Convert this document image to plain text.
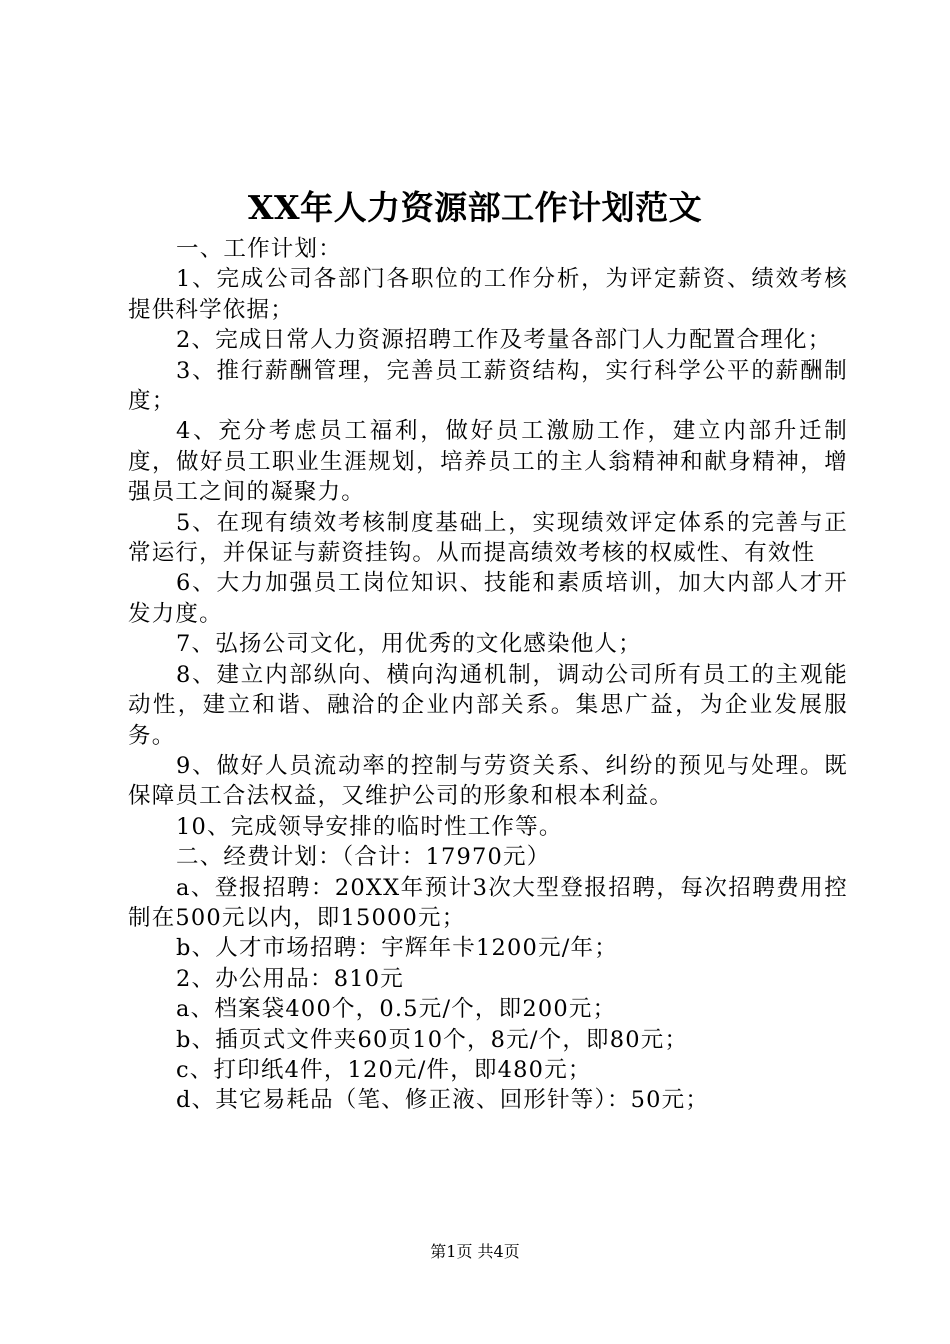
XX年人力资源部工作计划范文

一、工作计划：

1、完成公司各部门各职位的工作分析，为评定薪资、绩效考核提供科学依据；

2、完成日常人力资源招聘工作及考量各部门人力配置合理化；

3、推行薪酬管理，完善员工薪资结构，实行科学公平的薪酬制度；

4、充分考虑员工福利，做好员工激励工作，建立内部升迁制度，做好员工职业生涯规划，培养员工的主人翁精神和献身精神，增强员工之间的凝聚力。

5、在现有绩效考核制度基础上，实现绩效评定体系的完善与正常运行，并保证与薪资挂钩。从而提高绩效考核的权威性、有效性

6、大力加强员工岗位知识、技能和素质培训，加大内部人才开发力度。

7、弘扬公司文化，用优秀的文化感染他人；

8、建立内部纵向、横向沟通机制，调动公司所有员工的主观能动性，建立和谐、融洽的企业内部关系。集思广益，为企业发展服务。

9、做好人员流动率的控制与劳资关系、纠纷的预见与处理。既保障员工合法权益，又维护公司的形象和根本利益。

10、完成领导安排的临时性工作等。

二、经费计划：（合计：17970元）

a、登报招聘：20XX年预计3次大型登报招聘，每次招聘费用控制在500元以内，即15000元；

b、人才市场招聘：宇辉年卡1200元/年；

2、办公用品：810元

a、档案袋400个，0.5元/个，即200元；

b、插页式文件夹60页10个，8元/个，即80元；

c、打印纸4件，120元/件，即480元；

d、其它易耗品（笔、修正液、回形针等）：50元；

第1页 共4页
